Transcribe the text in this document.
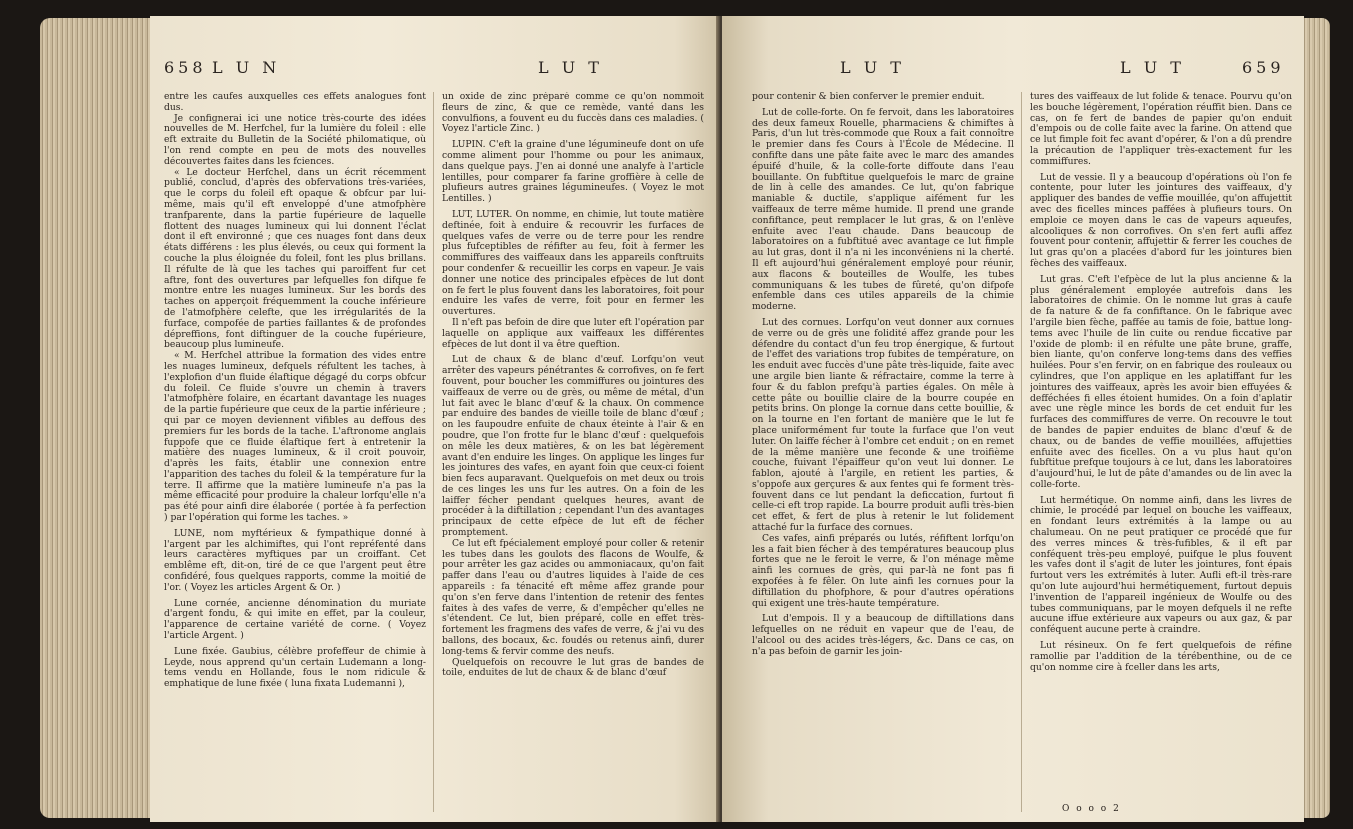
658 L U N	L U T

entre les caufes auxquelles ces effets analogues font dus.

Je confignerai ici une notice très-courte des idées nouvelles de M. Herfchel, fur la lumière du foleil : elle eft extraite du Bulletin de la Société philomatique, où l'on rend compte en peu de mots des nouvelles découvertes faites dans les fciences.

« Le docteur Herfchel, dans un écrit récemment publié, conclud, d'après des obfervations très-variées, que le corps du foleil eft opaque & obfcur par lui-même, mais qu'il eft enveloppé d'une atmofphère tranfparente, dans la partie fupérieure de laquelle flottent des nuages lumineux qui lui donnent l'éclat dont il eft environné ; que ces nuages font dans deux états différens : les plus élevés, ou ceux qui forment la couche la plus éloignée du foleil, font les plus brillans. Il réfulte de là que les taches qui paroiffent fur cet aftre, font des ouvertures par lefquelles fon difque fe montre entre les nuages lumineux. Sur les bords des taches on apperçoit fréquemment la couche inférieure de l'atmofphère celefte, que les irrégularités de la furface, compofée de parties faillantes & de profondes dépreffions, font diftinguer de la couche fupérieure, beaucoup plus lumineufe.

« M. Herfchel attribue la formation des vides entre les nuages lumineux, defquels réfultent les taches, à l'explofion d'un fluide élaftique dégagé du corps obfcur du foleil. Ce fluide s'ouvre un chemin à travers l'atmofphère folaire, en écartant davantage les nuages de la partie fupérieure que ceux de la partie inférieure ; qui par ce moyen deviennent vifibles au deffous des premiers fur les bords de la tache. L'aftronome anglais fuppofe que ce fluide élaftique fert à entretenir la matière des nuages lumineux, & il croit pouvoir, d'après les faits, établir une connexion entre l'apparition des taches du foleil & la température fur la terre. Il affirme que la matière lumineufe n'a pas la même efficacité pour produire la chaleur lorfqu'elle n'a pas été pour ainfi dire élaborée ( portée à fa perfection ) par l'opération qui forme les taches. »

LUNE, nom myftérieux & fympathique donné à l'argent par les alchimiftes, qui l'ont repréfenté dans leurs caractères myftiques par un croiffant. Cet emblême eft, dit-on, tiré de ce que l'argent peut être confidéré, fous quelques rapports, comme la moitié de l'or. ( Voyez les articles Argent & Or. )

Lune cornée, ancienne dénomination du muriate d'argent fondu, & qui imite en effet, par la couleur, l'apparence de certaine variété de corne. ( Voyez l'article Argent. )

Lune fixée. Gaubius, célèbre profeffeur de chimie à Leyde, nous apprend qu'un certain Ludemann a long-tems vendu en Hollande, fous le nom ridicule & emphatique de lune fixée ( luna fixata Ludemanni ),

un oxide de zinc préparé comme ce qu'on nommoit fleurs de zinc, & que ce remède, vanté dans les convulfions, a fouvent eu du fuccès dans ces maladies. ( Voyez l'article Zinc. )

LUPIN. C'eft la graine d'une légumineufe dont on ufe comme aliment pour l'homme ou pour les animaux, dans quelque pays. J'en ai donné une analyfe à l'article lentilles, pour comparer fa farine groffière à celle de plufieurs autres graines légumineufes. ( Voyez le mot Lentilles. )

LUT, LUTER. On nomme, en chimie, lut toute matière deftinée, foit à enduire & recouvrir les furfaces de quelques vafes de verre ou de terre pour les rendre plus fufceptibles de réfifter au feu, foit à fermer les commiffures des vaiffeaux dans les appareils conftruits pour condenfer & recueillir les corps en vapeur. Je vais donner une notice des principales efpèces de lut dont on fe fert le plus fouvent dans les laboratoires, foit pour enduire les vafes de verre, foit pour en fermer les ouvertures.

Il n'eft pas befoin de dire que luter eft l'opération par laquelle on applique aux vaiffeaux les différentes efpèces de lut dont il va être queftion.

Lut de chaux & de blanc d'œuf. Lorfqu'on veut arrêter des vapeurs pénétrantes & corrofives, on fe fert fouvent, pour boucher les commiffures ou jointures des vaiffeaux de verre ou de grès, ou même de métal, d'un lut fait avec le blanc d'œuf & la chaux. On commence par enduire des bandes de vieille toile de blanc d'œuf ; on les faupoudre enfuite de chaux éteinte à l'air & en poudre, que l'on frotte fur le blanc d'œuf : quelquefois on mêle les deux matières, & on les bat légèrement avant d'en enduire les linges. On applique les linges fur les jointures des vafes, en ayant foin que ceux-ci foient bien fecs auparavant. Quelquefois on met deux ou trois de ces linges les uns fur les autres. On a foin de les laiffer fécher pendant quelques heures, avant de procéder à la diftillation ; cependant l'un des avantages principaux de cette efpèce de lut eft de fécher promptement.

Ce lut eft fpécialement employé pour coller & retenir les tubes dans les goulots des flacons de Woulfe, & pour arrêter les gaz acides ou ammoniacaux, qu'on fait paffer dans l'eau ou d'autres liquides à l'aide de ces appareils : fa ténacité eft même affez grande pour qu'on s'en ferve dans l'intention de retenir des fentes faites à des vafes de verre, & d'empêcher qu'elles ne s'étendent. Ce lut, bien préparé, colle en effet très-fortement les fragmens des vafes de verre, & j'ai vu des ballons, des bocaux, &c. foudés ou retenus ainfi, durer long-tems & fervir comme des neufs.

Quelquefois on recouvre le lut gras de bandes de toile, enduites de lut de chaux & de blanc d'œuf

L U T	L U T	659

pour contenir & bien conferver le premier enduit.

Lut de colle-forte. On fe fervoit, dans les laboratoires des deux fameux Rouelle, pharmaciens & chimiftes à Paris, d'un lut très-commode que Roux a fait connoître le premier dans fes Cours à l'École de Médecine. Il confifte dans une pâte faite avec le marc des amandes épuifé d'huile, & la colle-forte diffoute dans l'eau bouillante. On fubftitue quelquefois le marc de graine de lin à celle des amandes. Ce lut, qu'on fabrique maniable & ductile, s'applique aifément fur les vaiffeaux de terre même humide. Il prend une grande confiftance, peut remplacer le lut gras, & on l'enlève enfuite avec l'eau chaude. Dans beaucoup de laboratoires on a fubftitué avec avantage ce lut fimple au lut gras, dont il n'a ni les inconvéniens ni la cherté. Il eft aujourd'hui généralement employé pour réunir, aux flacons & bouteilles de Woulfe, les tubes communiquans & les tubes de fûreté, qu'on difpofe enfemble dans ces utiles appareils de la chimie moderne.

Lut des cornues. Lorfqu'on veut donner aux cornues de verre ou de grès une folidité affez grande pour les défendre du contact d'un feu trop énergique, & furtout de l'effet des variations trop fubites de température, on les enduit avec fuccès d'une pâte très-liquide, faite avec une argile bien liante & réfractaire, comme la terre à four & du fablon prefqu'à parties égales. On mêle à cette pâte ou bouillie claire de la bourre coupée en petits brins. On plonge la cornue dans cette bouillie, & on la tourne en l'en fortant de manière que le lut fe place uniformément fur toute la furface que l'on veut luter. On laiffe fécher à l'ombre cet enduit ; on en remet de la même manière une feconde & une troifième couche, fuivant l'épaiffeur qu'on veut lui donner. Le fablon, ajouté à l'argile, en retient les parties, & s'oppofe aux gerçures & aux fentes qui fe forment très-fouvent dans ce lut pendant la deficcation, furtout fi celle-ci eft trop rapide. La bourre produit aufli très-bien cet effet, & fert de plus à retenir le lut folidement attaché fur la furface des cornues.

Ces vafes, ainfi préparés ou lutés, réfiftent lorfqu'on les a fait bien fécher à des températures beaucoup plus fortes que ne le feroit le verre, & l'on ménage même ainfi les cornues de grès, qui par-là ne font pas fi expofées à fe fêler. On lute ainfi les cornues pour la diftillation du phofphore, & pour d'autres opérations qui exigent une très-haute température.

Lut d'empois. Il y a beaucoup de diftillations dans lefquelles on ne réduit en vapeur que de l'eau, de l'alcool ou des acides très-légers, &c. Dans ce cas, on n'a pas befoin de garnir les join-

tures des vaiffeaux de lut folide & tenace. Pourvu qu'on les bouche légèrement, l'opération réuffit bien. Dans ce cas, on fe fert de bandes de papier qu'on enduit d'empois ou de colle faite avec la farine. On attend que ce lut fimple foit fec avant d'opérer, & l'on a dû prendre la précaution de l'appliquer très-exactement fur les commiffures.

Lut de vessie. Il y a beaucoup d'opérations où l'on fe contente, pour luter les jointures des vaiffeaux, d'y appliquer des bandes de veffie mouillée, qu'on affujettit avec des ficelles minces paffées à plufieurs tours. On emploie ce moyen dans le cas de vapeurs aqueufes, alcooliques & non corrofives. On s'en fert aufli affez fouvent pour contenir, affujettir & ferrer les couches de lut gras qu'on a placées d'abord fur les jointures bien fèches des vaiffeaux.

Lut gras. C'eft l'efpèce de lut la plus ancienne & la plus généralement employée autrefois dans les laboratoires de chimie. On le nomme lut gras à caufe de fa nature & de fa confiftance. On le fabrique avec l'argile bien fèche, paffée au tamis de foie, battue long-tems avec l'huile de lin cuite ou rendue ficcative par l'oxide de plomb: il en réfulte une pâte brune, graffe, bien liante, qu'on conferve long-tems dans des veffies huilées. Pour s'en fervir, on en fabrique des rouleaux ou cylindres, que l'on applique en les aplatiffant fur les jointures des vaiffeaux, après les avoir bien effuyées & defféchées fi elles étoient humides. On a foin d'aplatir avec une règle mince les bords de cet enduit fur les furfaces des commiffures de verre. On recouvre le tout de bandes de papier enduites de blanc d'œuf & de chaux, ou de bandes de veffie mouillées, affujetties enfuite avec des ficelles. On a vu plus haut qu'on fubftitue prefque toujours à ce lut, dans les laboratoires d'aujourd'hui, le lut de pâte d'amandes ou de lin avec la colle-forte.

Lut hermétique. On nomme ainfi, dans les livres de chimie, le procédé par lequel on bouche les vaiffeaux, en fondant leurs extrémités à la lampe ou au chalumeau. On ne peut pratiquer ce procédé que fur des verres minces & très-fufibles, & il eft par conféquent très-peu employé, puifque le plus fouvent les vafes dont il s'agit de luter les jointures, font épais furtout vers les extrémités à luter. Aufli eft-il très-rare qu'on lute aujourd'hui hermétiquement, furtout depuis l'invention de l'appareil ingénieux de Woulfe ou des tubes communiquans, par le moyen defquels il ne refte aucune iffue extérieure aux vapeurs ou aux gaz, & par conféquent aucune perte à craindre.

Lut résineux. On fe fert quelquefois de réfine ramollie par l'addition de la térébenthine, ou de ce qu'on nomme cire à fceller dans les arts,

O o o o 2
